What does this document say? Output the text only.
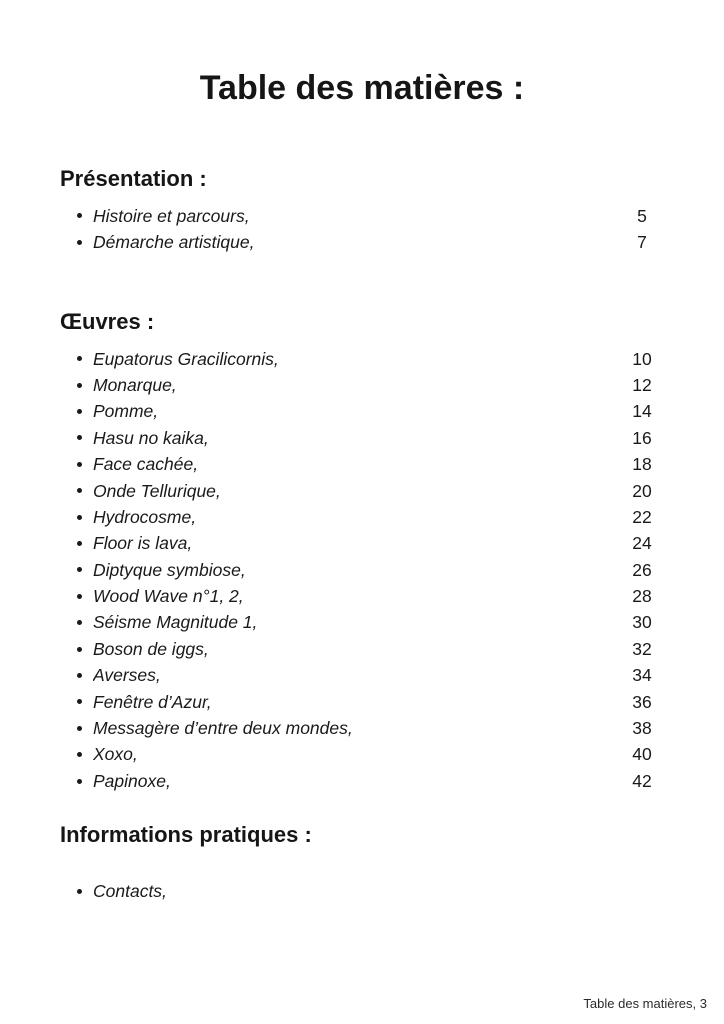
Table des matières :
Présentation :
Histoire et parcours,	5
Démarche artistique,	7
Œuvres :
Eupatorus Gracilicornis,	10
Monarque,	12
Pomme,	14
Hasu no kaika,	16
Face cachée,	18
Onde Tellurique,	20
Hydrocosme,	22
Floor is lava,	24
Diptyque symbiose,	26
Wood Wave n°1, 2,	28
Séisme Magnitude 1,	30
Boson de iggs,	32
Averses,	34
Fenêtre d’Azur,	36
Messagère d’entre deux mondes,	38
Xoxo,	40
Papinoxe,	42
Informations pratiques :
Contacts,
Table des matières, 3
